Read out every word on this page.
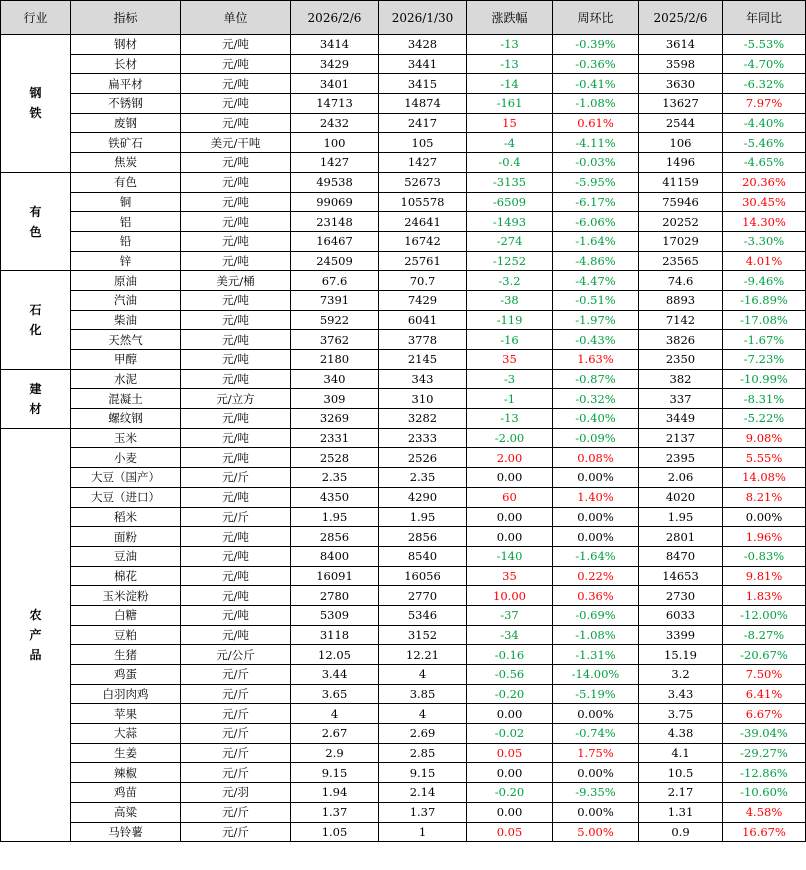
行业	指标	单位	2026/2/6	2026/1/30	涨跌幅	周环比	2025/2/6	年同比
钢铁	钢材	元/吨	3414	3428	-13	-0.39%	3614	-5.53%
	长材	元/吨	3429	3441	-13	-0.36%	3598	-4.70%
	扁平材	元/吨	3401	3415	-14	-0.41%	3630	-6.32%
	不锈钢	元/吨	14713	14874	-161	-1.08%	13627	7.97%
	废钢	元/吨	2432	2417	15	0.61%	2544	-4.40%
	铁矿石	美元/干吨	100	105	-4	-4.11%	106	-5.46%
	焦炭	元/吨	1427	1427	-0.4	-0.03%	1496	-4.65%
有色	有色	元/吨	49538	52673	-3135	-5.95%	41159	20.36%
	铜	元/吨	99069	105578	-6509	-6.17%	75946	30.45%
	铝	元/吨	23148	24641	-1493	-6.06%	20252	14.30%
	铅	元/吨	16467	16742	-274	-1.64%	17029	-3.30%
	锌	元/吨	24509	25761	-1252	-4.86%	23565	4.01%
石化	原油	美元/桶	67.6	70.7	-3.2	-4.47%	74.6	-9.46%
	汽油	元/吨	7391	7429	-38	-0.51%	8893	-16.89%
	柴油	元/吨	5922	6041	-119	-1.97%	7142	-17.08%
	天然气	元/吨	3762	3778	-16	-0.43%	3826	-1.67%
	甲醇	元/吨	2180	2145	35	1.63%	2350	-7.23%
建材	水泥	元/吨	340	343	-3	-0.87%	382	-10.99%
	混凝土	元/立方	309	310	-1	-0.32%	337	-8.31%
	螺纹钢	元/吨	3269	3282	-13	-0.40%	3449	-5.22%
农产品	玉米	元/吨	2331	2333	-2.00	-0.09%	2137	9.08%
	小麦	元/吨	2528	2526	2.00	0.08%	2395	5.55%
	大豆（国产）	元/斤	2.35	2.35	0.00	0.00%	2.06	14.08%
	大豆（进口）	元/吨	4350	4290	60	1.40%	4020	8.21%
	稻米	元/斤	1.95	1.95	0.00	0.00%	1.95	0.00%
	面粉	元/吨	2856	2856	0.00	0.00%	2801	1.96%
	豆油	元/吨	8400	8540	-140	-1.64%	8470	-0.83%
	棉花	元/吨	16091	16056	35	0.22%	14653	9.81%
	玉米淀粉	元/吨	2780	2770	10.00	0.36%	2730	1.83%
	白糖	元/吨	5309	5346	-37	-0.69%	6033	-12.00%
	豆粕	元/吨	3118	3152	-34	-1.08%	3399	-8.27%
	生猪	元/公斤	12.05	12.21	-0.16	-1.31%	15.19	-20.67%
	鸡蛋	元/斤	3.44	4	-0.56	-14.00%	3.2	7.50%
	白羽肉鸡	元/斤	3.65	3.85	-0.20	-5.19%	3.43	6.41%
	苹果	元/斤	4	4	0.00	0.00%	3.75	6.67%
	大蒜	元/斤	2.67	2.69	-0.02	-0.74%	4.38	-39.04%
	生姜	元/斤	2.9	2.85	0.05	1.75%	4.1	-29.27%
	辣椒	元/斤	9.15	9.15	0.00	0.00%	10.5	-12.86%
	鸡苗	元/羽	1.94	2.14	-0.20	-9.35%	2.17	-10.60%
	高粱	元/斤	1.37	1.37	0.00	0.00%	1.31	4.58%
	马铃薯	元/斤	1.05	1	0.05	5.00%	0.9	16.67%
